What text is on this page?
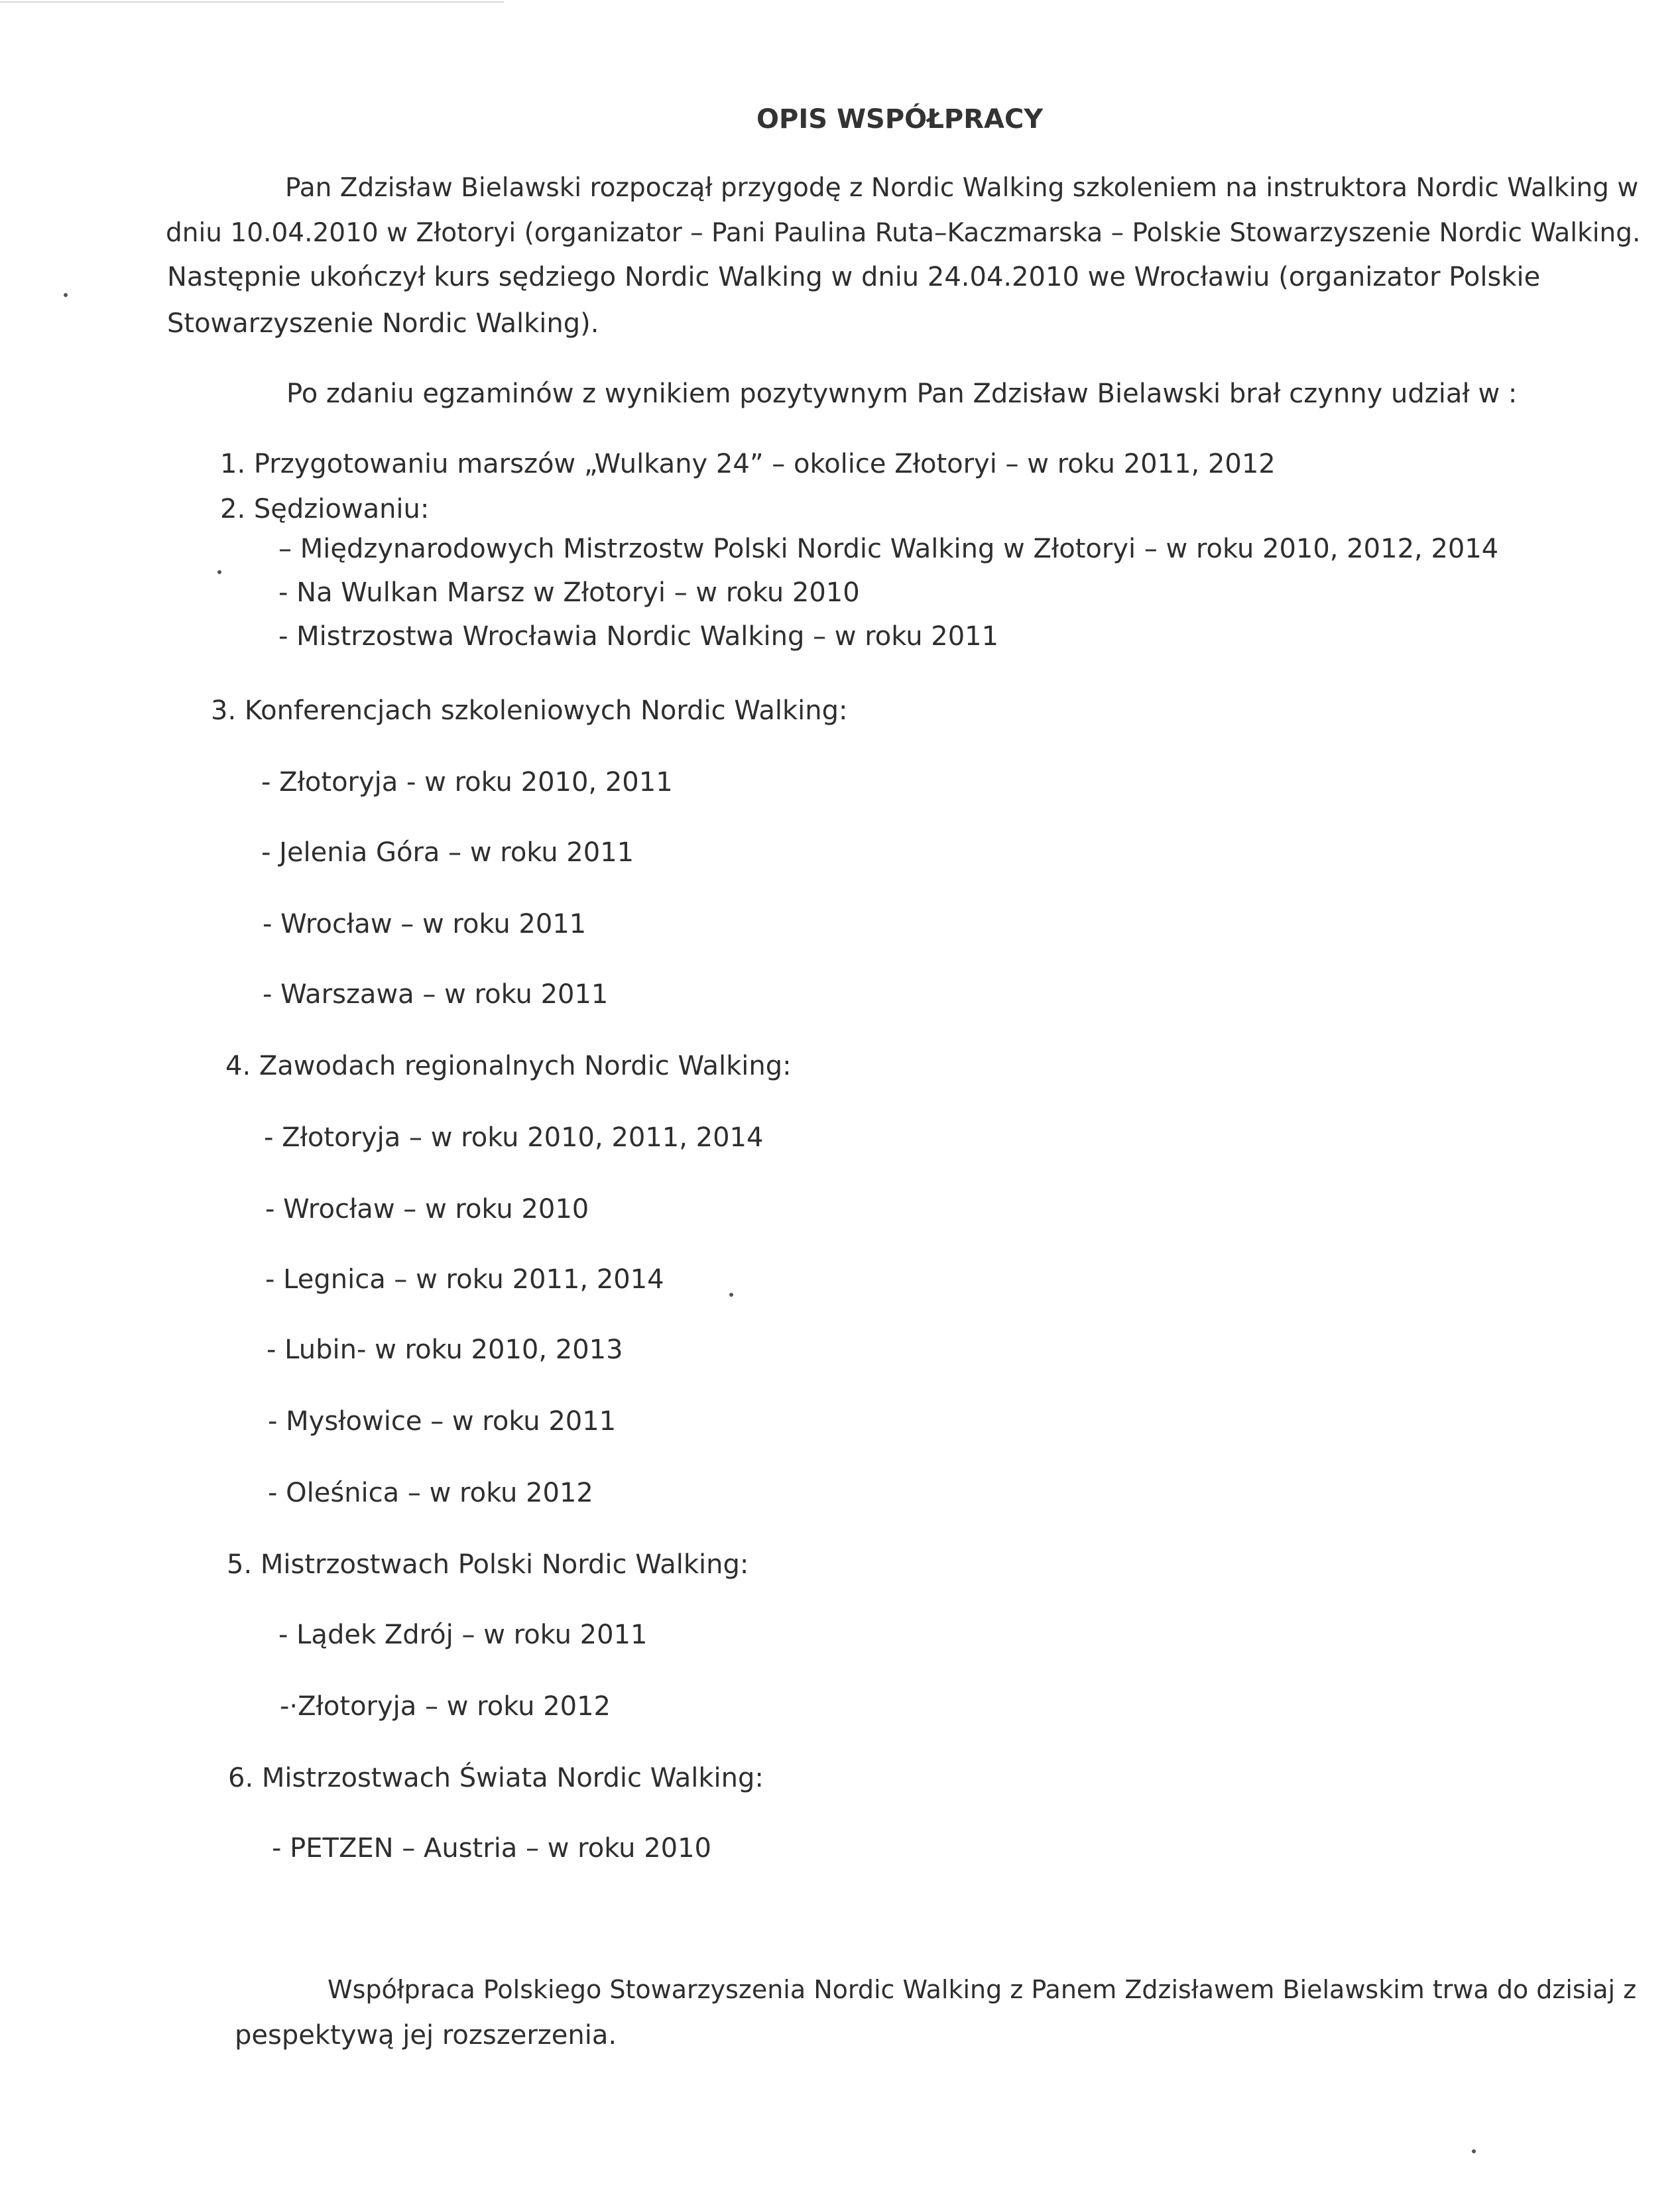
OPIS WSPÓŁPRACY
Pan Zdzisław Bielawski rozpoczął przygodę z Nordic Walking szkoleniem na instruktora Nordic Walking w
dniu 10.04.2010 w Złotoryi (organizator – Pani Paulina Ruta–Kaczmarska – Polskie Stowarzyszenie Nordic Walking.
Następnie ukończył kurs sędziego Nordic Walking w dniu 24.04.2010 we Wrocławiu (organizator Polskie
Stowarzyszenie Nordic Walking).
Po zdaniu egzaminów z wynikiem pozytywnym Pan Zdzisław Bielawski brał czynny udział w :
1. Przygotowaniu marszów „Wulkany 24” – okolice Złotoryi – w roku 2011, 2012
2. Sędziowaniu:
– Międzynarodowych Mistrzostw Polski Nordic Walking w Złotoryi – w roku 2010, 2012, 2014
- Na Wulkan Marsz w Złotoryi – w roku 2010
- Mistrzostwa Wrocławia Nordic Walking – w roku 2011
3. Konferencjach szkoleniowych Nordic Walking:
- Złotoryja - w roku 2010, 2011
- Jelenia Góra – w roku 2011
- Wrocław – w roku 2011
- Warszawa – w roku 2011
4. Zawodach regionalnych Nordic Walking:
- Złotoryja – w roku 2010, 2011, 2014
- Wrocław – w roku 2010
- Legnica – w roku 2011, 2014
- Lubin- w roku 2010, 2013
- Mysłowice – w roku 2011
- Oleśnica – w roku 2012
5. Mistrzostwach Polski Nordic Walking:
- Lądek Zdrój – w roku 2011
-·Złotoryja – w roku 2012
6. Mistrzostwach Świata Nordic Walking:
- PETZEN – Austria – w roku 2010
Współpraca Polskiego Stowarzyszenia Nordic Walking z Panem Zdzisławem Bielawskim trwa do dzisiaj z
pespektywą jej rozszerzenia.
